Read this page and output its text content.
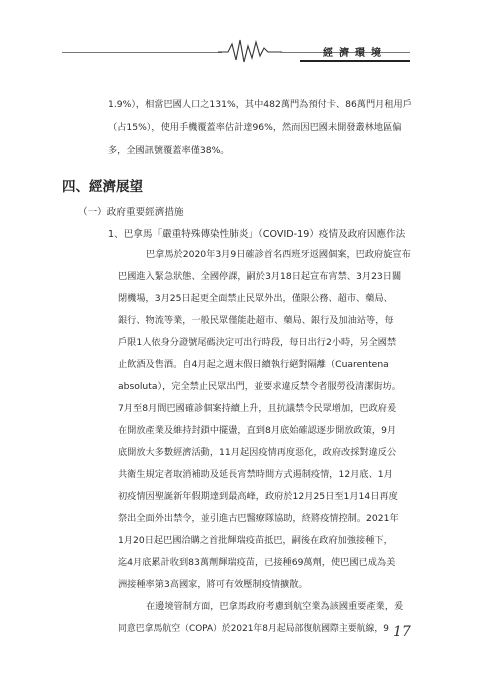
經濟環境
1.9%），相當巴國人口之131%，其中482萬門為預付卡、86萬門月租用戶
（占15%），使用手機覆蓋率估計達96%，然而因巴國未開發叢林地區偏
多，全國訊號覆蓋率僅38%。
四、經濟展望
（一）政府重要經濟措施
1、巴拿馬「嚴重特殊傳染性肺炎」（COVID-19）疫情及政府因應作法
巴拿馬於2020年3月9日確診首名西班牙返國個案，巴政府旋宣布
巴國進入緊急狀態、全國停課，嗣於3月18日起宣布宵禁、3月23日關
閉機場，3月25日起更全面禁止民眾外出，僅限公務、超市、藥局、
銀行、物流等業，一般民眾僅能赴超市、藥局、銀行及加油站等，每
戶限1人依身分證號尾碼決定可出行時段，每日出行2小時，另全國禁
止飲酒及售酒。自4月起之週末假日續執行絕對隔離（Cuarentena
absoluta），完全禁止民眾出門，並要求違反禁令者服勞役清潔街坊。
7月至8月間巴國確診個案持續上升，且抗議禁令民眾增加，巴政府爰
在開放產業及維持封鎖中擺盪，直到8月底始確認逐步開放政策，9月
底開放大多數經濟活動，11月起因疫情再度惡化，政府改採對違反公
共衛生規定者取消補助及延長宵禁時間方式遏制疫情，12月底、1月
初疫情因聖誕新年假期達到最高峰，政府於12月25日至1月14日再度
祭出全面外出禁令，並引進古巴醫療隊協助，終將疫情控制。2021年
1月20日起巴國洽購之首批輝瑞疫苗抵巴，嗣後在政府加強接種下，
迄4月底累計收到83萬劑輝瑞疫苗，已接種69萬劑，使巴國已成為美
洲接種率第3高國家，將可有效壓制疫情擴散。
在邊境管制方面，巴拿馬政府考慮到航空業為該國重要產業，爰
同意巴拿馬航空（COPA）於2021年8月起局部復航國際主要航線，9 17
